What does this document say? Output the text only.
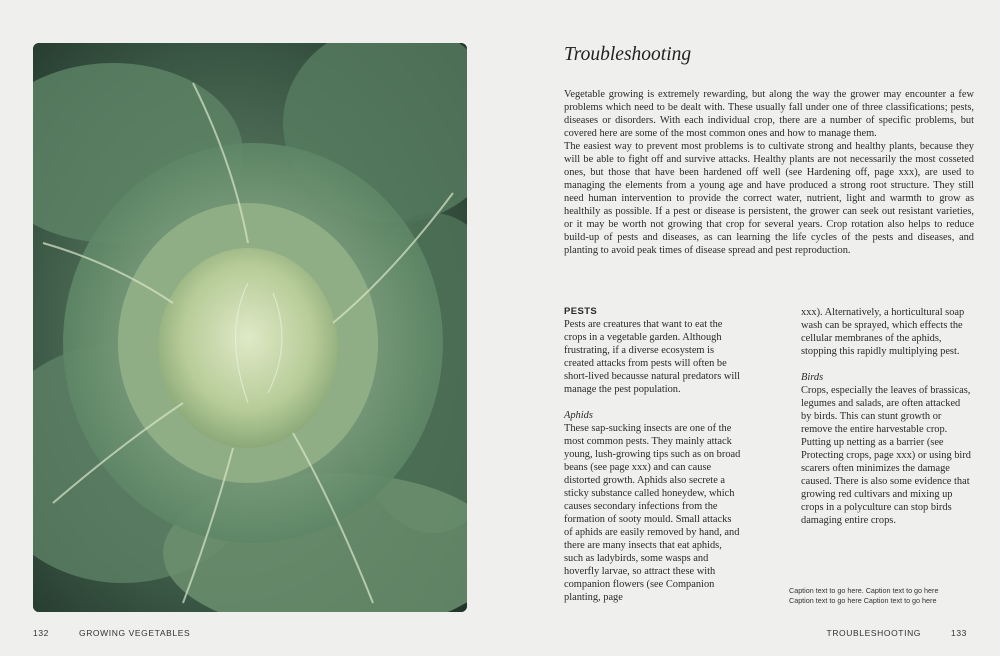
132	GROWING VEGETABLES
Troubleshooting

Vegetable growing is extremely rewarding, but along the way the grower may encounter a few problems which need to be dealt with. These usually fall under one of three classifications; pests, diseases or disorders. With each individual crop, there are a number of specific problems, but covered here are some of the most common ones and how to manage them.

The easiest way to prevent most problems is to cultivate strong and healthy plants, because they will be able to fight off and survive attacks. Healthy plants are not necessarily the most cosseted ones, but those that have been hardened off well (see Hardening off, page xxx), are used to managing the elements from a young age and have produced a strong root structure. They still need human intervention to provide the correct water, nutrient, light and warmth to grow as healthily as possible. If a pest or disease is persistent, the grower can seek out resistant varieties, or it may be worth not growing that crop for several years. Crop rotation also helps to reduce build-up of pests and diseases, as can learning the life cycles of the pests and diseases, and planting to avoid peak times of disease spread and pest reproduction.

PESTS

Pests are creatures that want to eat the crops in a vegetable garden. Although frustrating, if a diverse ecosystem is created attacks from pests will often be short-lived becausse natural predators will manage the pest population.

Aphids

These sap-sucking insects are one of the most common pests. They mainly attack young, lush-growing tips such as on broad beans (see page xxx) and can cause distorted growth. Aphids also secrete a sticky substance called honeydew, which causes secondary infections from the formation of sooty mould. Small attacks of aphids are easily removed by hand, and there are many insects that eat aphids, such as ladybirds, some wasps and hoverfly larvae, so attract these with companion flowers (see Companion planting, page

xxx). Alternatively, a horticultural soap wash can be sprayed, which effects the cellular membranes of the aphids, stopping this rapidly multiplying pest.

Birds

Crops, especially the leaves of brassicas, legumes and salads, are often attacked by birds. This can stunt growth or remove the entire harvestable crop. Putting up netting as a barrier (see Protecting crops, page xxx) or using bird scarers often minimizes the damage caused. There is also some evidence that growing red cultivars and mixing up crops in a polyculture can stop birds damaging entire crops.

Caption text to go here. Caption text to go here
Caption text to go here Caption text to go here
TROUBLESHOOTING	133
